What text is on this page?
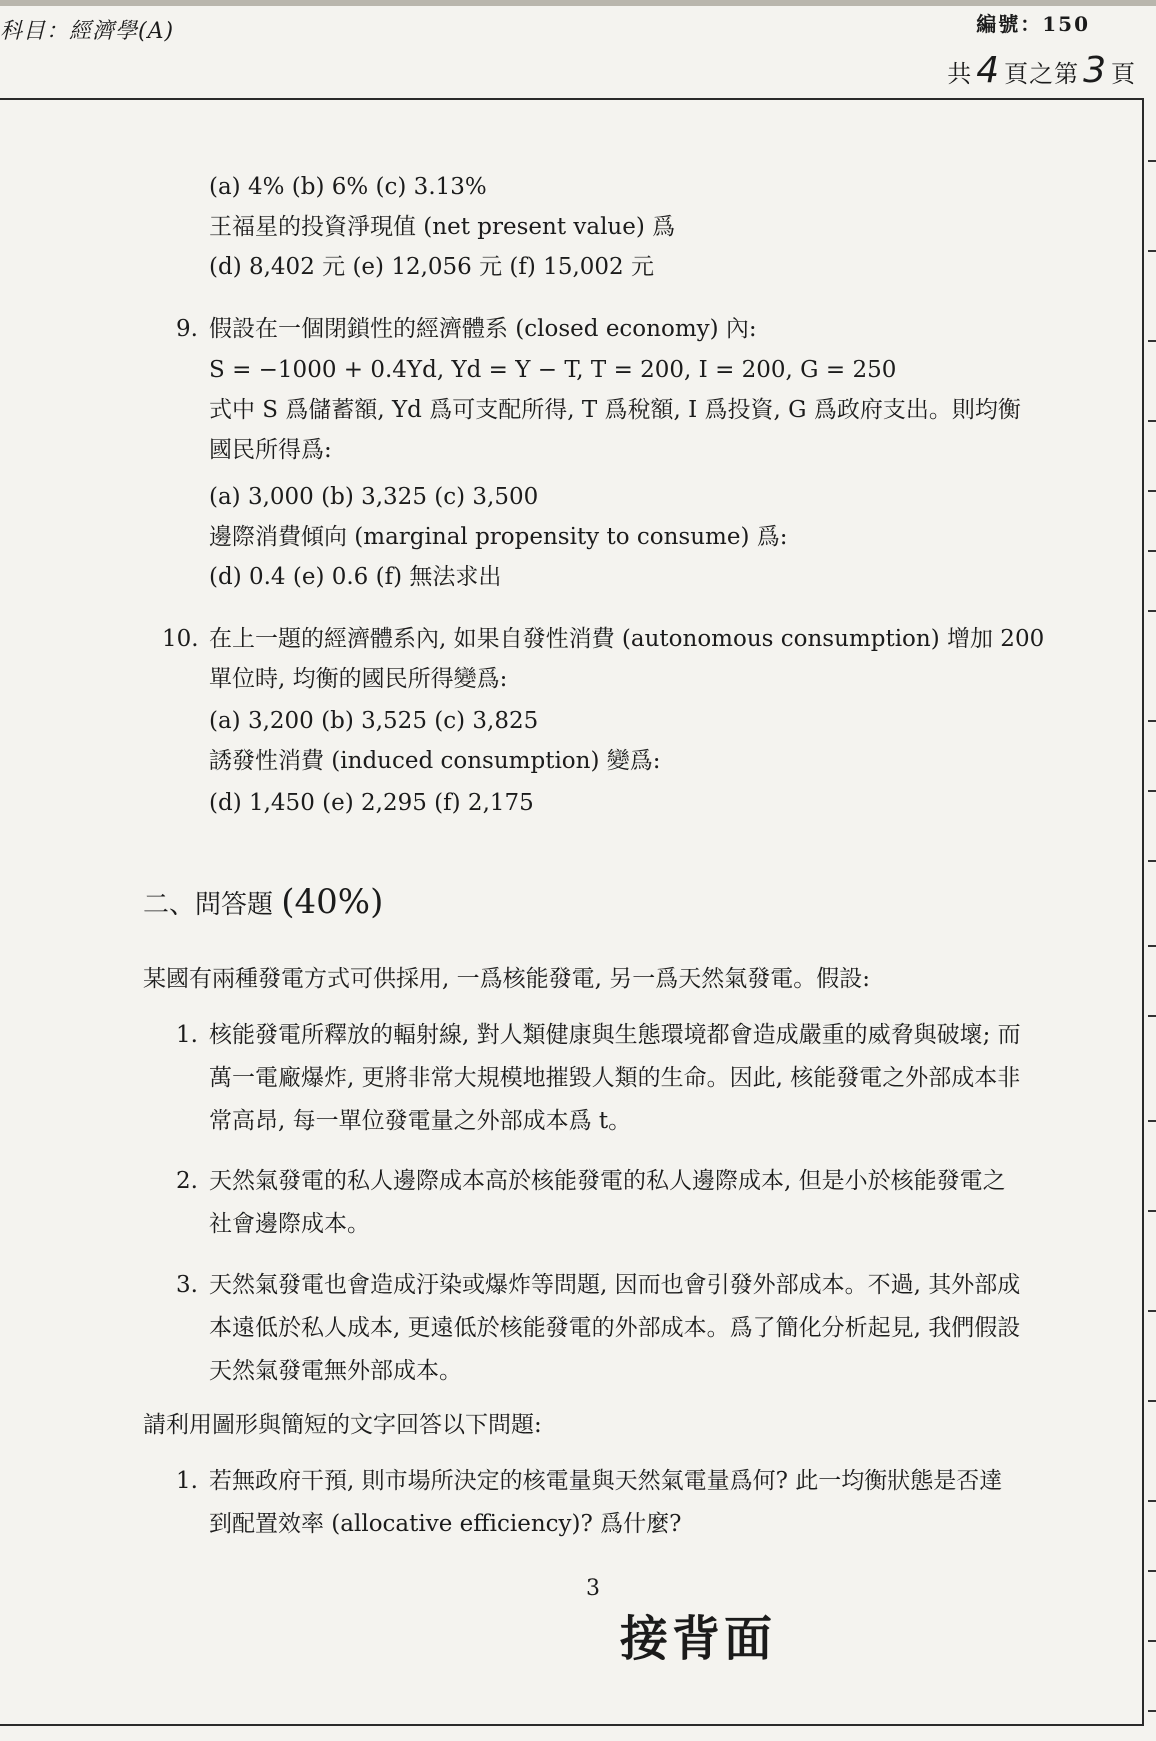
科目：經濟學(A)	編號：150
共 4 頁之第 3 頁
(a) 4% (b) 6% (c) 3.13%
王福星的投資淨現值 (net present value) 爲
(d) 8,402 元 (e) 12,056 元 (f) 15,002 元
9. 假設在一個閉鎖性的經濟體系 (closed economy) 內:
S = −1000 + 0.4Yd, Yd = Y − T, T = 200, I = 200, G = 250
式中 S 爲儲蓄額, Yd 爲可支配所得, T 爲稅額, I 爲投資, G 爲政府支出。則均衡
國民所得爲:
(a) 3,000 (b) 3,325 (c) 3,500
邊際消費傾向 (marginal propensity to consume) 爲:
(d) 0.4 (e) 0.6 (f) 無法求出
10. 在上一題的經濟體系內, 如果自發性消費 (autonomous consumption) 增加 200
單位時, 均衡的國民所得變爲:
(a) 3,200 (b) 3,525 (c) 3,825
誘發性消費 (induced consumption) 變爲:
(d) 1,450 (e) 2,295 (f) 2,175
二、問答題 (40%)
某國有兩種發電方式可供採用, 一爲核能發電, 另一爲天然氣發電。假設:
1. 核能發電所釋放的輻射線, 對人類健康與生態環境都會造成嚴重的威脅與破壞; 而
萬一電廠爆炸, 更將非常大規模地摧毀人類的生命。因此, 核能發電之外部成本非
常高昂, 每一單位發電量之外部成本爲 t。
2. 天然氣發電的私人邊際成本高於核能發電的私人邊際成本, 但是小於核能發電之
社會邊際成本。
3. 天然氣發電也會造成汙染或爆炸等問題, 因而也會引發外部成本。不過, 其外部成
本遠低於私人成本, 更遠低於核能發電的外部成本。爲了簡化分析起見, 我們假設
天然氣發電無外部成本。
請利用圖形與簡短的文字回答以下問題:
1. 若無政府干預, 則市場所決定的核電量與天然氣電量爲何? 此一均衡狀態是否達
到配置效率 (allocative efficiency)? 爲什麼?
3
接背面
